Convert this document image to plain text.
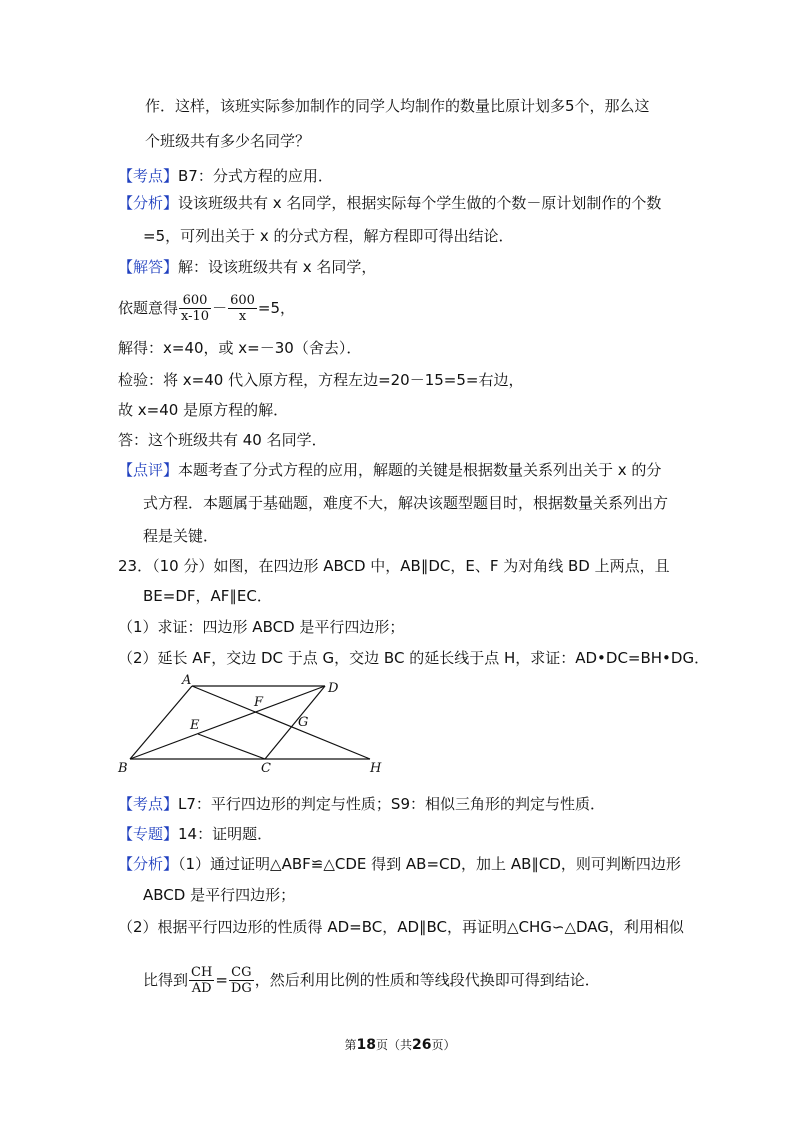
作．这样，该班实际参加制作的同学人均制作的数量比原计划多5个，那么这
个班级共有多少名同学？
【考点】B7：分式方程的应用．
【分析】设该班级共有 x 名同学，根据实际每个学生做的个数－原计划制作的个数
=5，可列出关于 x 的分式方程，解方程即可得出结论．
【解答】解：设该班级共有 x 名同学，
依题意得 $\frac{600}{x-10} - \frac{600}{x} =5$，
解得：x=40，或 x=－30（舍去）．
检验：将 x=40 代入原方程，方程左边=20－15=5=右边，
故 x=40 是原方程的解．
答：这个班级共有 40 名同学．
【点评】本题考查了分式方程的应用，解题的关键是根据数量关系列出关于 x 的分
式方程．本题属于基础题，难度不大，解决该题型题目时，根据数量关系列出方
程是关键．
23．（10 分）如图，在四边形 ABCD 中，AB∥DC，E、F 为对角线 BD 上两点，且
BE=DF，AF∥EC．
（1）求证：四边形 ABCD 是平行四边形；
（2）延长 AF，交边 DC 于点 G，交边 BC 的延长线于点 H，求证：AD•DC=BH•DG．
A
B	C
D
E
F
G
H
【考点】L7：平行四边形的判定与性质；S9：相似三角形的判定与性质．
【专题】14：证明题．
【分析】（1）通过证明△ABF≌△CDE 得到 AB=CD，加上 AB∥CD，则可判断四边形
ABCD 是平行四边形；
（2）根据平行四边形的性质得 AD=BC，AD∥BC，再证明△CHG∽△DAG，利用相似
比得到 $\frac{CH}{AD} = \frac{CG}{DG}$ ，然后利用比例的性质和等线段代换即可得到结论．
第18页（共26页）
